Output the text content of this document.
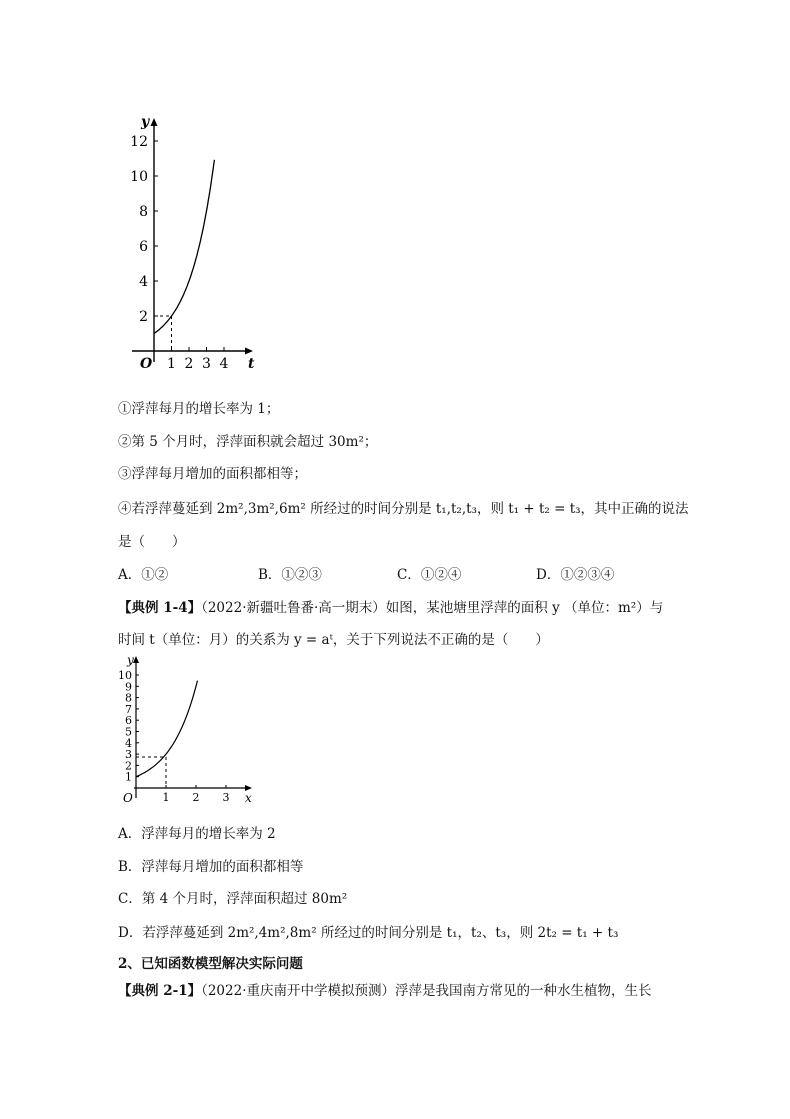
y
t
O
2
4
6
8
10
12
1 2 3 4
①浮萍每月的增长率为 1；
②第 5 个月时，浮萍面积就会超过 30m²；
③浮萍每月增加的面积都相等；
④若浮萍蔓延到 2m²,3m²,6m² 所经过的时间分别是 t₁,t₂,t₃，则 t₁ + t₂ = t₃，其中正确的说法
是（　　）
A．①②	B．①②③	C．①②④	D．①②③④
【典例 1-4】（2022·新疆吐鲁番·高一期末）如图，某池塘里浮萍的面积 y （单位：m²）与
时间 t（单位：月）的关系为 y = aᵗ，关于下列说法不正确的是（　　）
y
x
O
1
2
3
4
5
6
7
8
9
10
1 2 3
A．浮萍每月的增长率为 2
B．浮萍每月增加的面积都相等
C．第 4 个月时，浮萍面积超过 80m²
D．若浮萍蔓延到 2m²,4m²,8m² 所经过的时间分别是 t₁，t₂、t₃，则 2t₂ = t₁ + t₃
2、已知函数模型解决实际问题
【典例 2-1】（2022·重庆南开中学模拟预测）浮萍是我国南方常见的一种水生植物，生长
